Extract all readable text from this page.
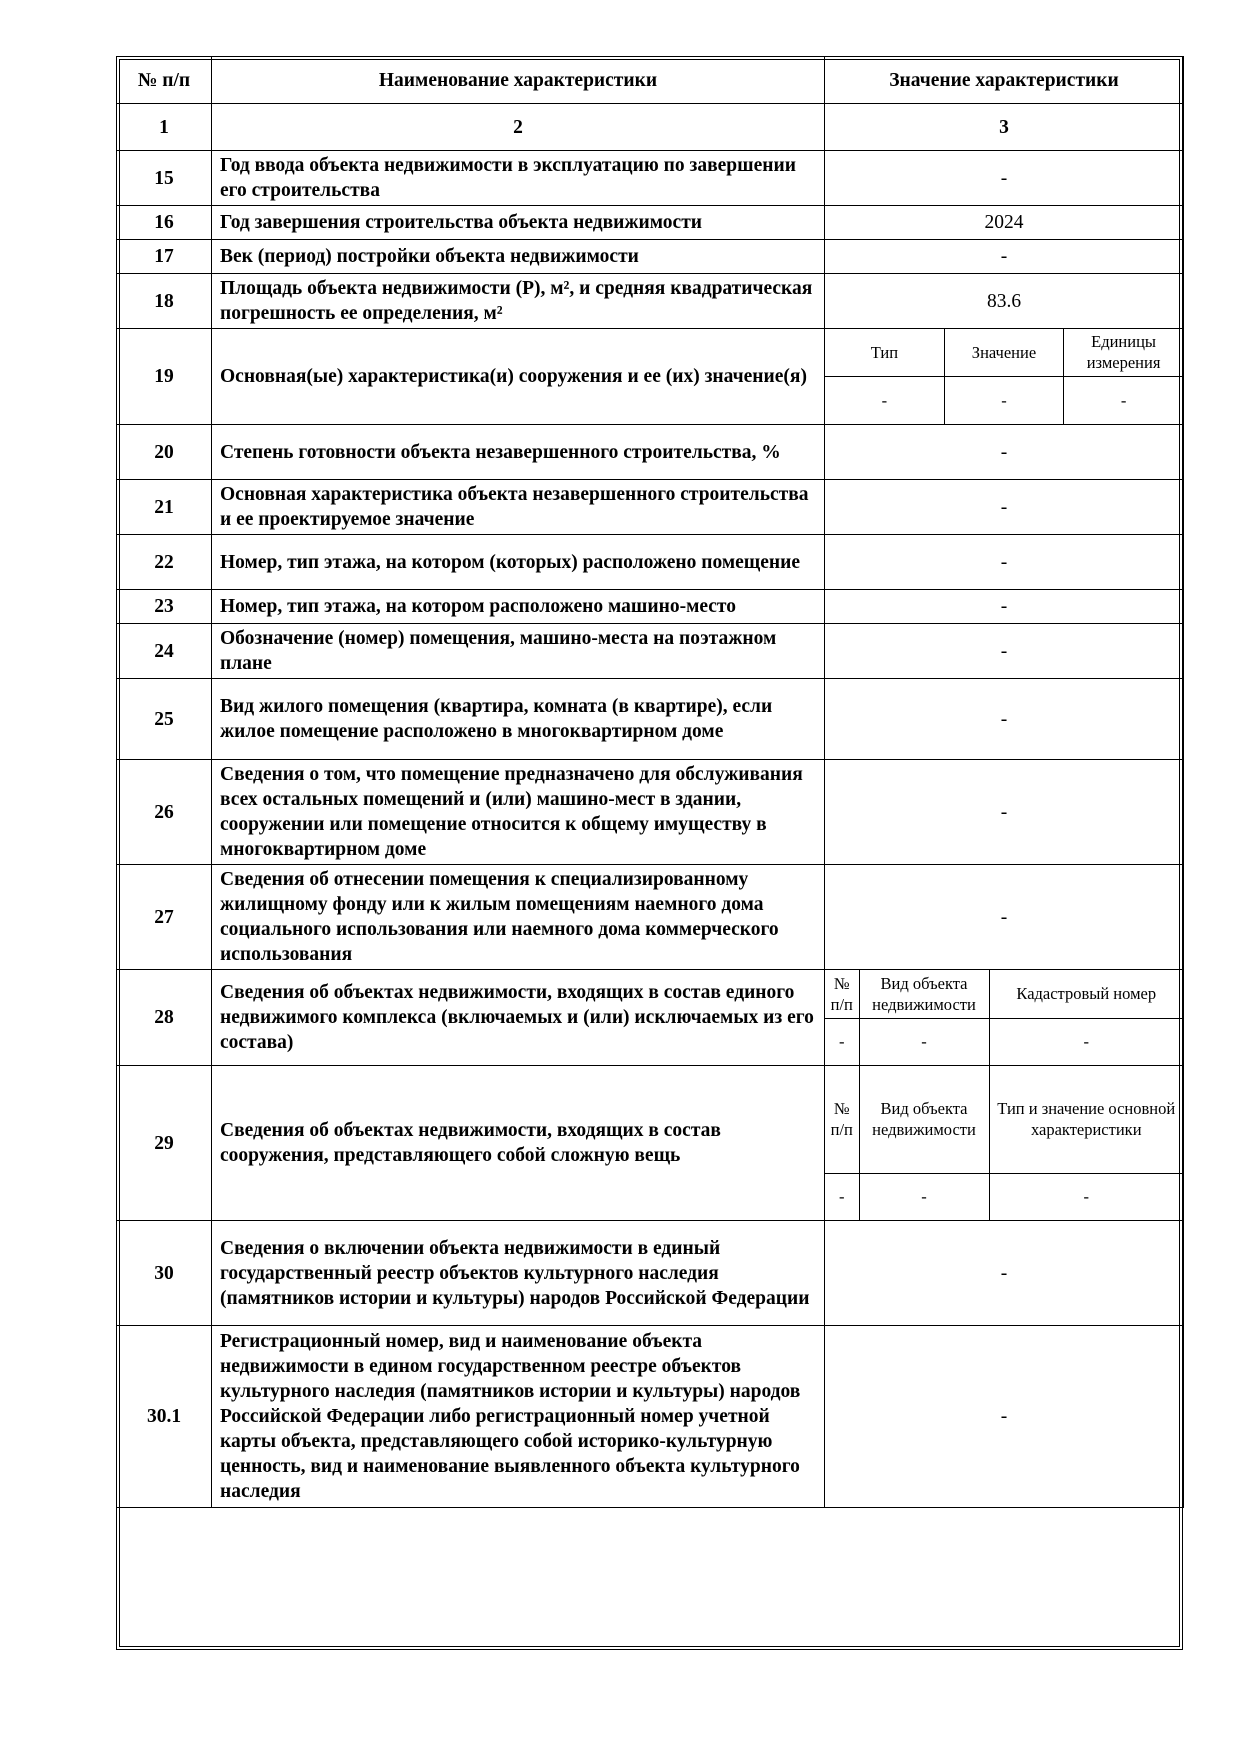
№ п/п	Наименование характеристики	Значение характеристики
1	2	3
15	Год ввода объекта недвижимости в эксплуатацию по завершении его строительства	-
16	Год завершения строительства объекта недвижимости	2024
17	Век (период) постройки объекта недвижимости	-
18	Площадь объекта недвижимости (Р), м², и средняя квадратическая погрешность ее определения, м²	83.6
19	Основная(ые) характеристика(и) сооружения и ее (их) значение(я)	
Тип	Значение	Единицы измерения
-	-	-

20	Степень готовности объекта незавершенного строительства, %	-
21	Основная характеристика объекта незавершенного строительства и ее проектируемое значение	-
22	Номер, тип этажа, на котором (которых) расположено помещение	-
23	Номер, тип этажа, на котором расположено машино-место	-
24	Обозначение (номер) помещения, машино-места на поэтажном плане	-
25	Вид жилого помещения (квартира, комната (в квартире), если жилое помещение расположено в многоквартирном доме	-
26	Сведения о том, что помещение предназначено для обслуживания всех остальных помещений и (или) машино-мест в здании, сооружении или помещение относится к общему имуществу в многоквартирном доме	-
27	Сведения об отнесении помещения к специализированному жилищному фонду или к жилым помещениям наемного дома социального использования или наемного дома коммерческого использования	-
28	Сведения об объектах недвижимости, входящих в состав единого недвижимого комплекса (включаемых и (или) исключаемых из его состава)	
№ п/п	Вид объекта недвижимости	Кадастровый номер
-	-	-

29	Сведения об объектах недвижимости, входящих в состав сооружения, представляющего собой сложную вещь	
№ п/п	Вид объекта недвижимости	Тип и значение основной характеристики
-	-	-

30	Сведения о включении объекта недвижимости в единый государственный реестр объектов культурного наследия (памятников истории и культуры) народов Российской Федерации	-
30.1	Регистрационный номер, вид и наименование объекта недвижимости в едином государственном реестре объектов культурного наследия (памятников истории и культуры) народов Российской Федерации либо регистрационный номер учетной карты объекта, представляющего собой историко-культурную ценность, вид и наименование выявленного объекта культурного наследия	-
